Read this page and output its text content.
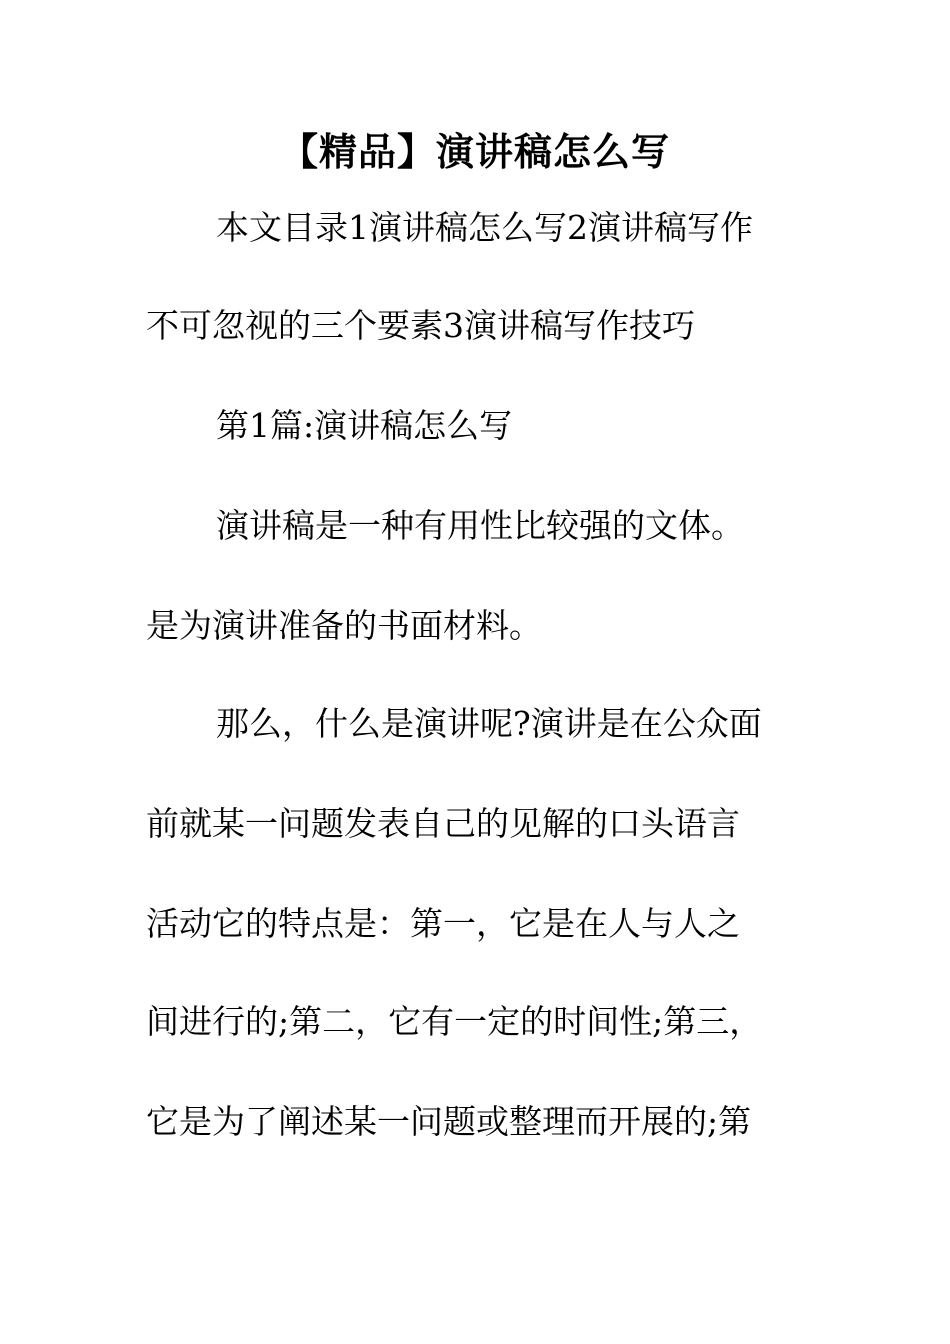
【精品】演讲稿怎么写

本文目录1演讲稿怎么写2演讲稿写作

不可忽视的三个要素3演讲稿写作技巧

第1篇:演讲稿怎么写

演讲稿是一种有用性比较强的文体。

是为演讲准备的书面材料。

那么，什么是演讲呢?演讲是在公众面

前就某一问题发表自己的见解的口头语言

活动它的特点是：第一，它是在人与人之

间进行的;第二，它有一定的时间性;第三，

它是为了阐述某一问题或整理而开展的;第
